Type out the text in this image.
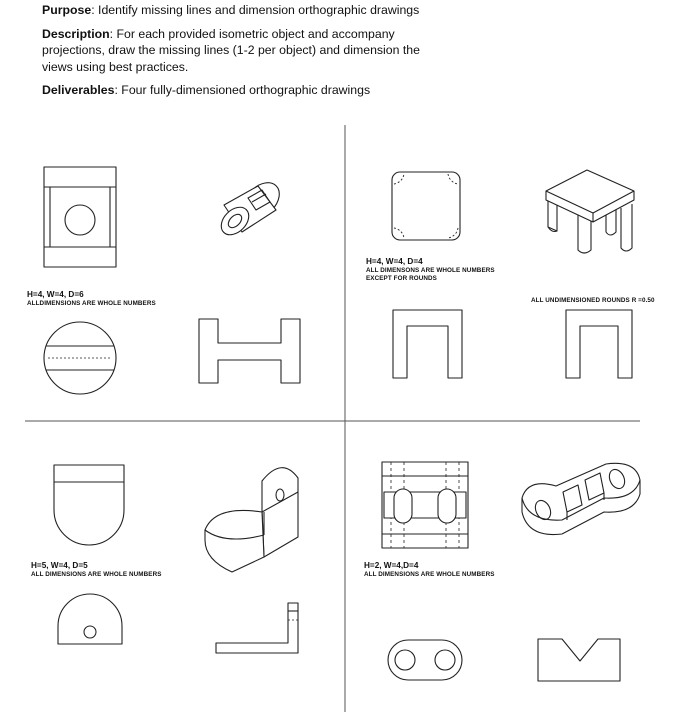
Purpose: Identify missing lines and dimension orthographic drawings

Description: For each provided isometric object and accompany projections, draw the missing lines (1-2 per object) and dimension the views using best practices.

Deliverables: Four fully-dimensioned orthographic drawings

H=4, W=4, D=6
ALLDIMENSIONS ARE WHOLE NUMBERS
H=4, W=4, D=4
ALL DIMENSONS ARE WHOLE NUMBERS
EXCEPT FOR ROUNDS
ALL UNDIMENSIONED ROUNDS R =0.50
H=5, W=4, D=5
ALL DIMENSIONS ARE WHOLE NUMBERS
H=2, W=4,D=4
ALL DIMENSIONS ARE WHOLE NUMBERS
